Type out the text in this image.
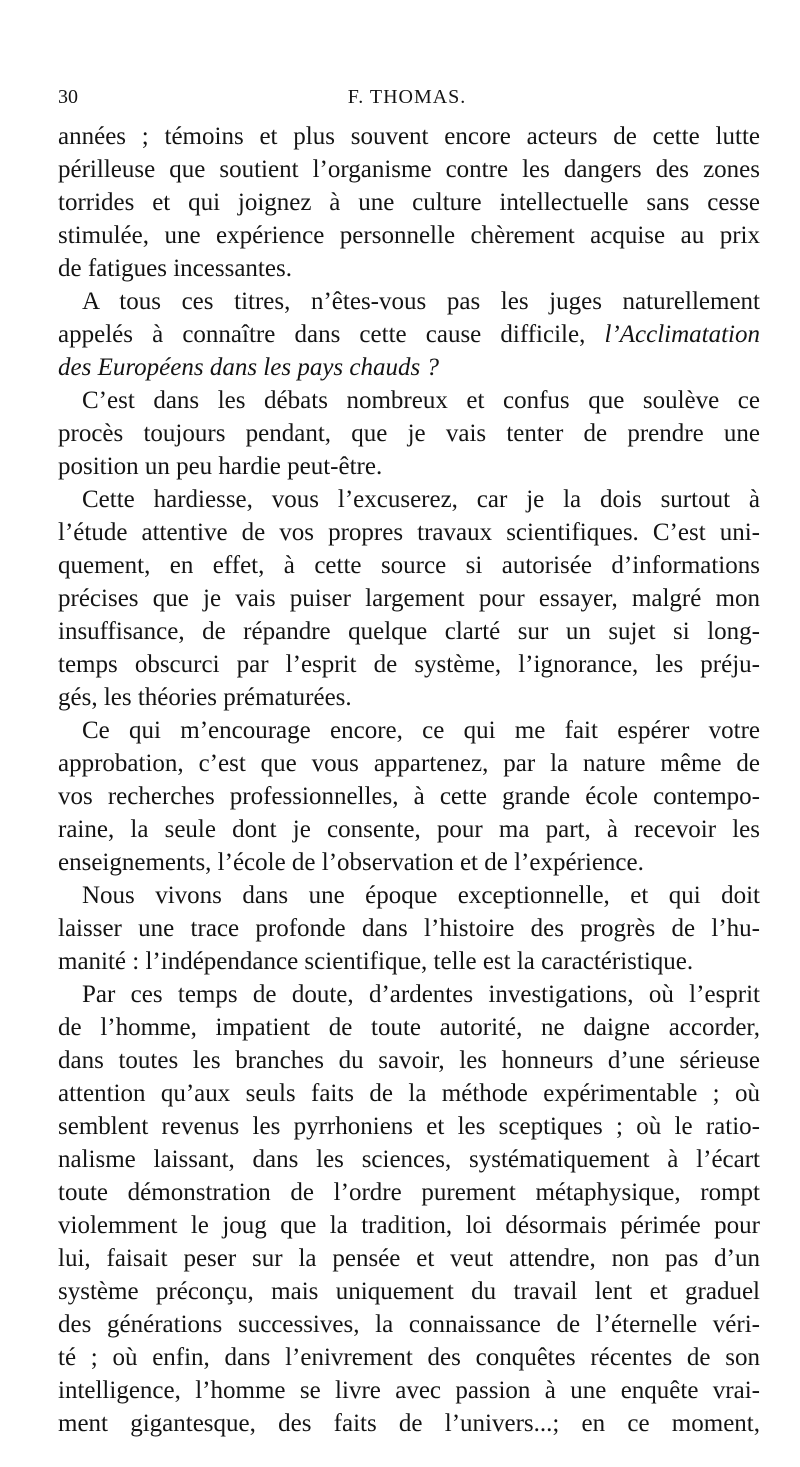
30	F. THOMAS.
années ; témoins et plus souvent encore acteurs de cette lutte
périlleuse que soutient l’organisme contre les dangers des zones
torrides et qui joignez à une culture intellectuelle sans cesse
stimulée, une expérience personnelle chèrement acquise au prix
de fatigues incessantes.
A tous ces titres, n’êtes-vous pas les juges naturellement
appelés à connaître dans cette cause difficile, l’Acclimatation
des Européens dans les pays chauds ?
C’est dans les débats nombreux et confus que soulève ce
procès toujours pendant, que je vais tenter de prendre une
position un peu hardie peut-être.
Cette hardiesse, vous l’excuserez, car je la dois surtout à
l’étude attentive de vos propres travaux scientifiques. C’est uni-
quement, en effet, à cette source si autorisée d’informations
précises que je vais puiser largement pour essayer, malgré mon
insuffisance, de répandre quelque clarté sur un sujet si long-
temps obscurci par l’esprit de système, l’ignorance, les préju-
gés, les théories prématurées.
Ce qui m’encourage encore, ce qui me fait espérer votre
approbation, c’est que vous appartenez, par la nature même de
vos recherches professionnelles, à cette grande école contempo-
raine, la seule dont je consente, pour ma part, à recevoir les
enseignements, l’école de l’observation et de l’expérience.
Nous vivons dans une époque exceptionnelle, et qui doit
laisser une trace profonde dans l’histoire des progrès de l’hu-
manité : l’indépendance scientifique, telle est la caractéristique.
Par ces temps de doute, d’ardentes investigations, où l’esprit
de l’homme, impatient de toute autorité, ne daigne accorder,
dans toutes les branches du savoir, les honneurs d’une sérieuse
attention qu’aux seuls faits de la méthode expérimentable ; où
semblent revenus les pyrrhoniens et les sceptiques ; où le ratio-
nalisme laissant, dans les sciences, systématiquement à l’écart
toute démonstration de l’ordre purement métaphysique, rompt
violemment le joug que la tradition, loi désormais périmée pour
lui, faisait peser sur la pensée et veut attendre, non pas d’un
système préconçu, mais uniquement du travail lent et graduel
des générations successives, la connaissance de l’éternelle véri-
té ; où enfin, dans l’enivrement des conquêtes récentes de son
intelligence, l’homme se livre avec passion à une enquête vrai-
ment gigantesque, des faits de l’univers...; en ce moment,
